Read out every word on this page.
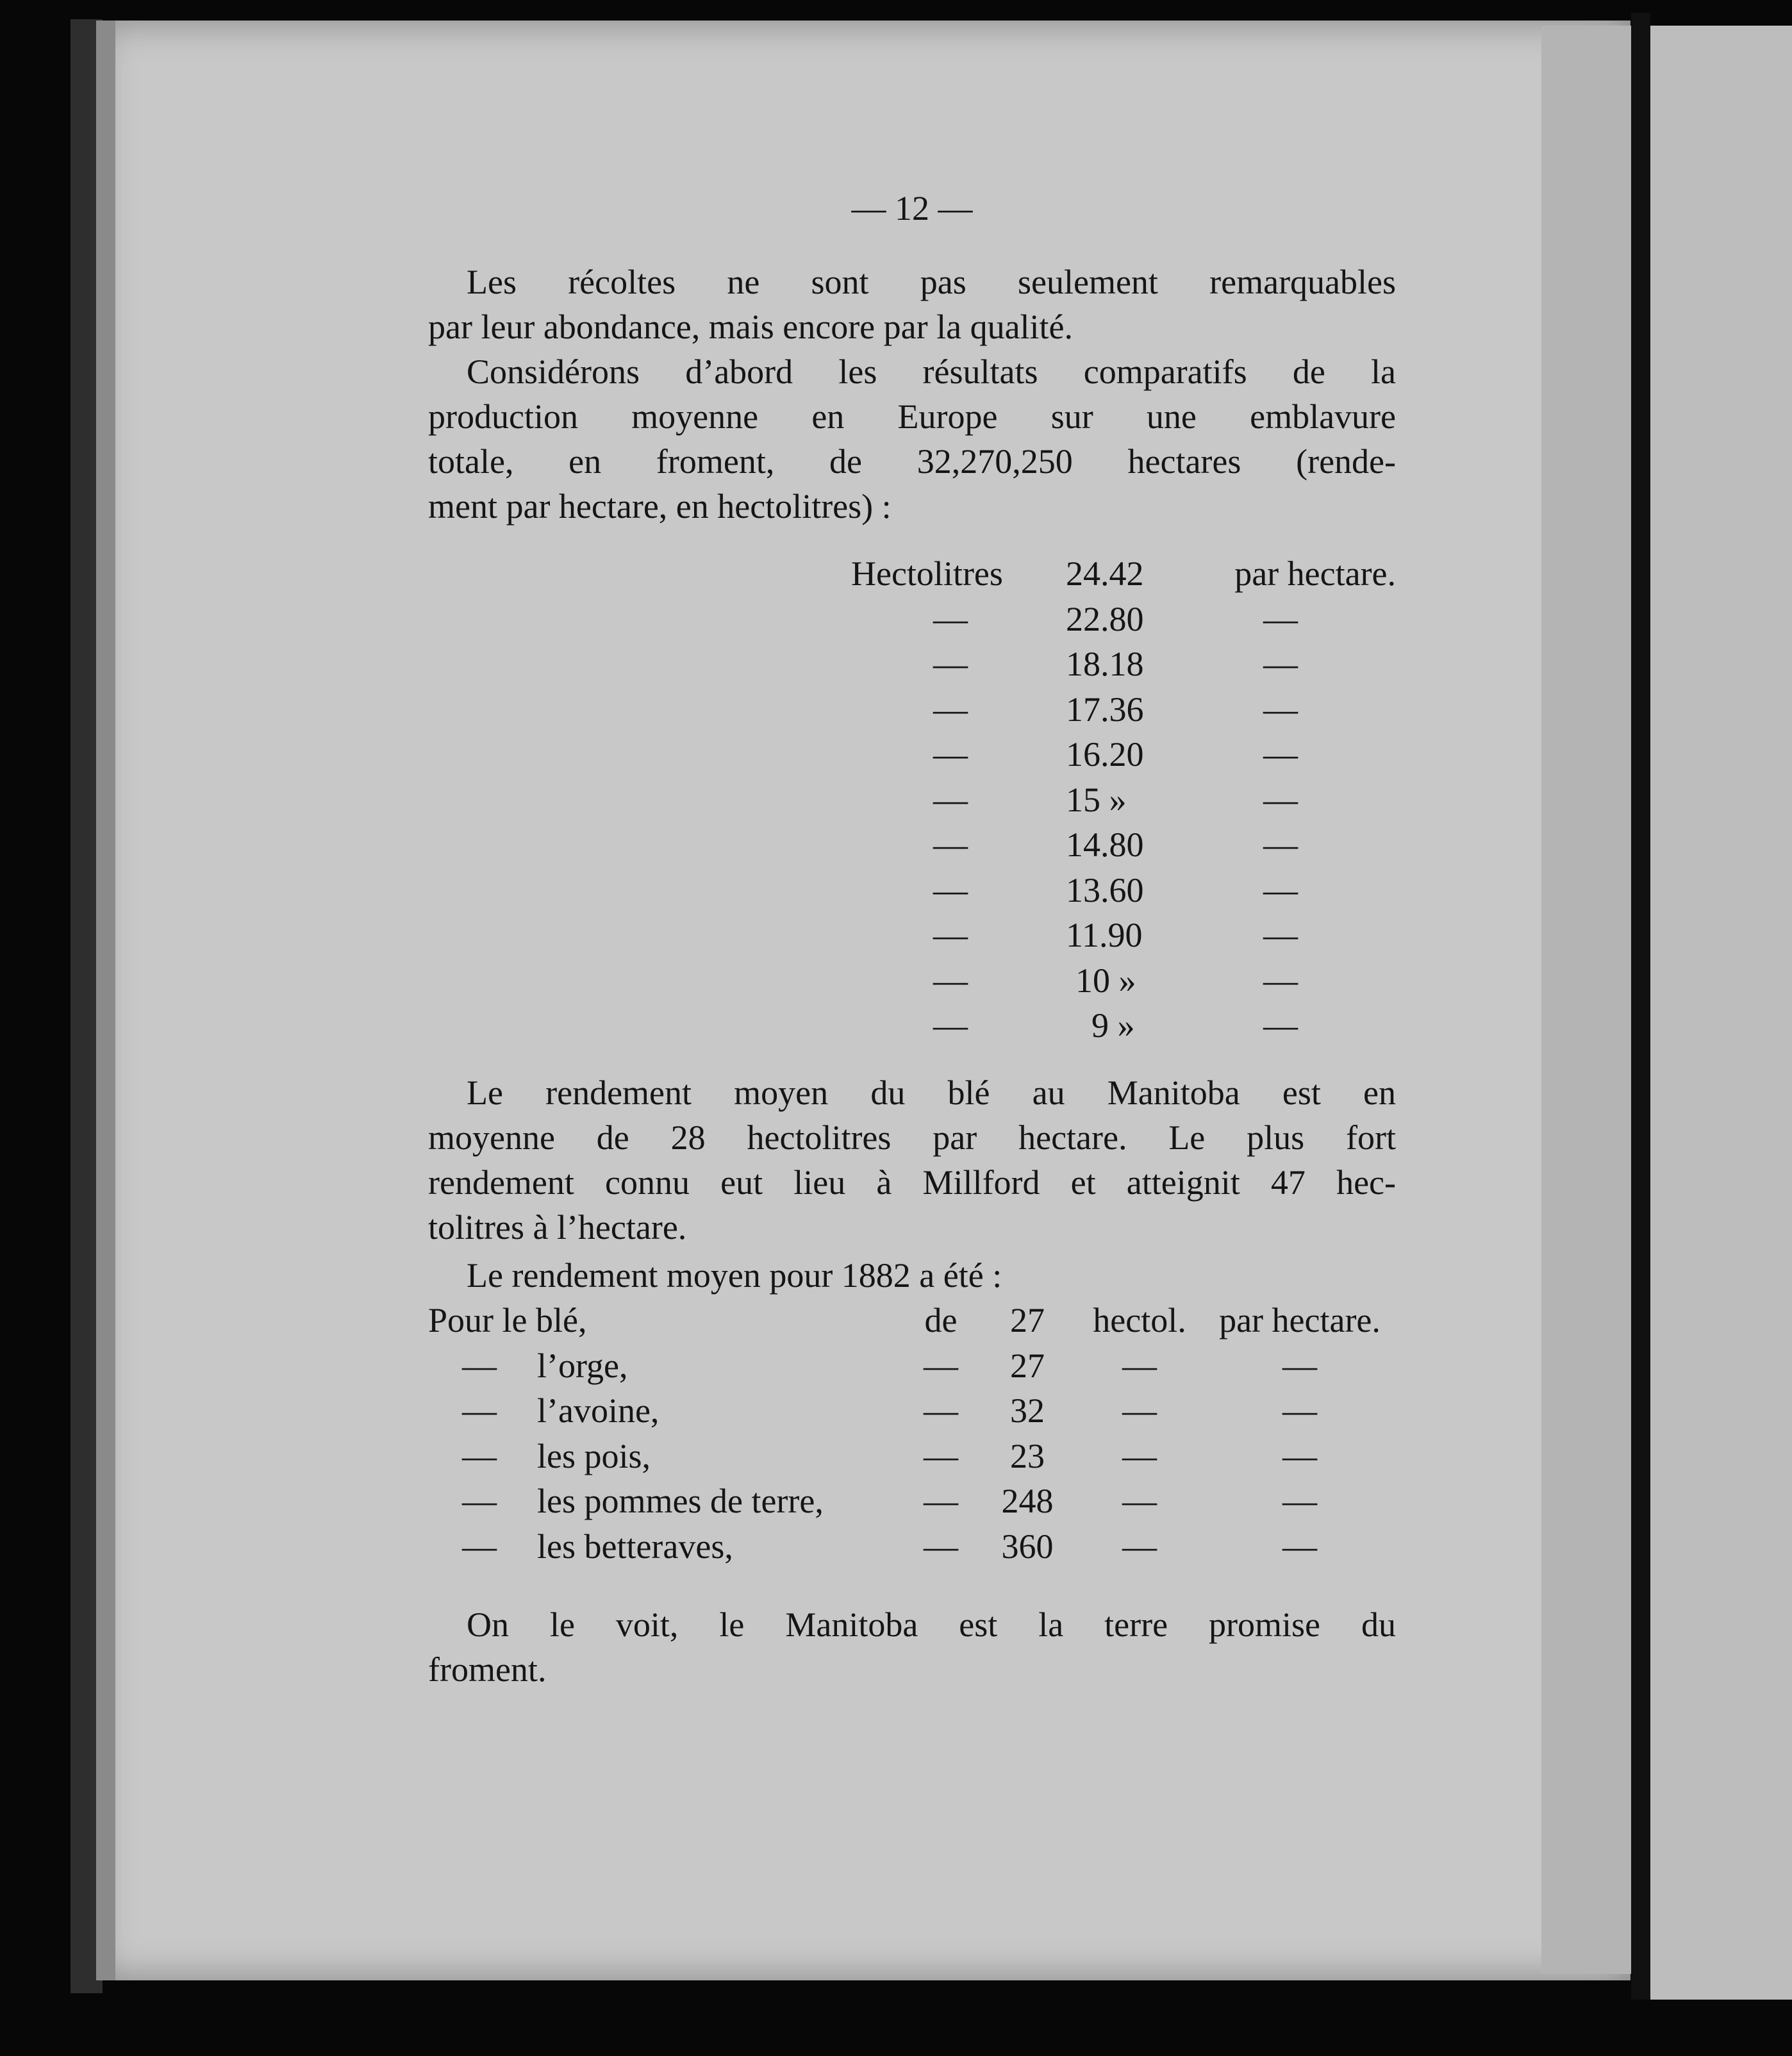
— 12 —
Les récoltes ne sont pas seulement remarquables
par leur abondance, mais encore par la qualité.
Considérons d’abord les résultats comparatifs de la
production moyenne en Europe sur une emblavure
totale, en froment, de 32,270,250 hectares (rende-
ment par hectare, en hectolitres) :
Hectolitres	24.42	par hectare.
—	22.80	—
—	18.18	—
—	17.36	—
—	16.20	—
—	15 »	—
—	14.80	—
—	13.60	—
—	11.90	—
—	10 »	—
—	9 »	—
Le rendement moyen du blé au Manitoba est en
moyenne de 28 hectolitres par hectare. Le plus fort
rendement connu eut lieu à Millford et atteignit 47 hec-
tolitres à l’hectare.
Le rendement moyen pour 1882 a été :
Pour le blé,	de	27	hectol. par hectare.
— l’orge,	—	27	—	—
— l’avoine,	—	32	—	—
— les pois,	—	23	—	—
— les pommes de terre,	—	248	—	—
— les betteraves,	—	360	—	—
On le voit, le Manitoba est la terre promise du
froment.
